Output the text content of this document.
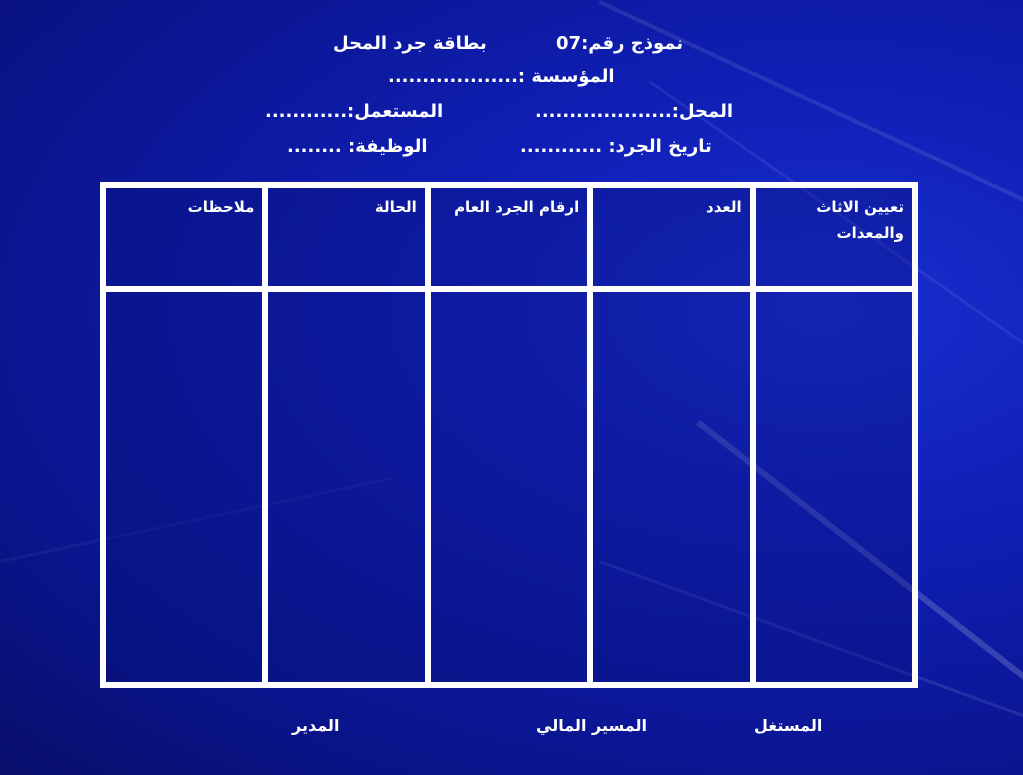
نموذج رقم:07
بطاقة جرد المحل
المؤسسة :...................
المحل:....................
المستعمل:............
تاريخ الجرد: ............
الوظيفة: ........
تعيين الاثاث والمعدات	العدد	ارقام الجرد العام	الحالة	ملاحظات

المستغل
المسير المالي
المدير
